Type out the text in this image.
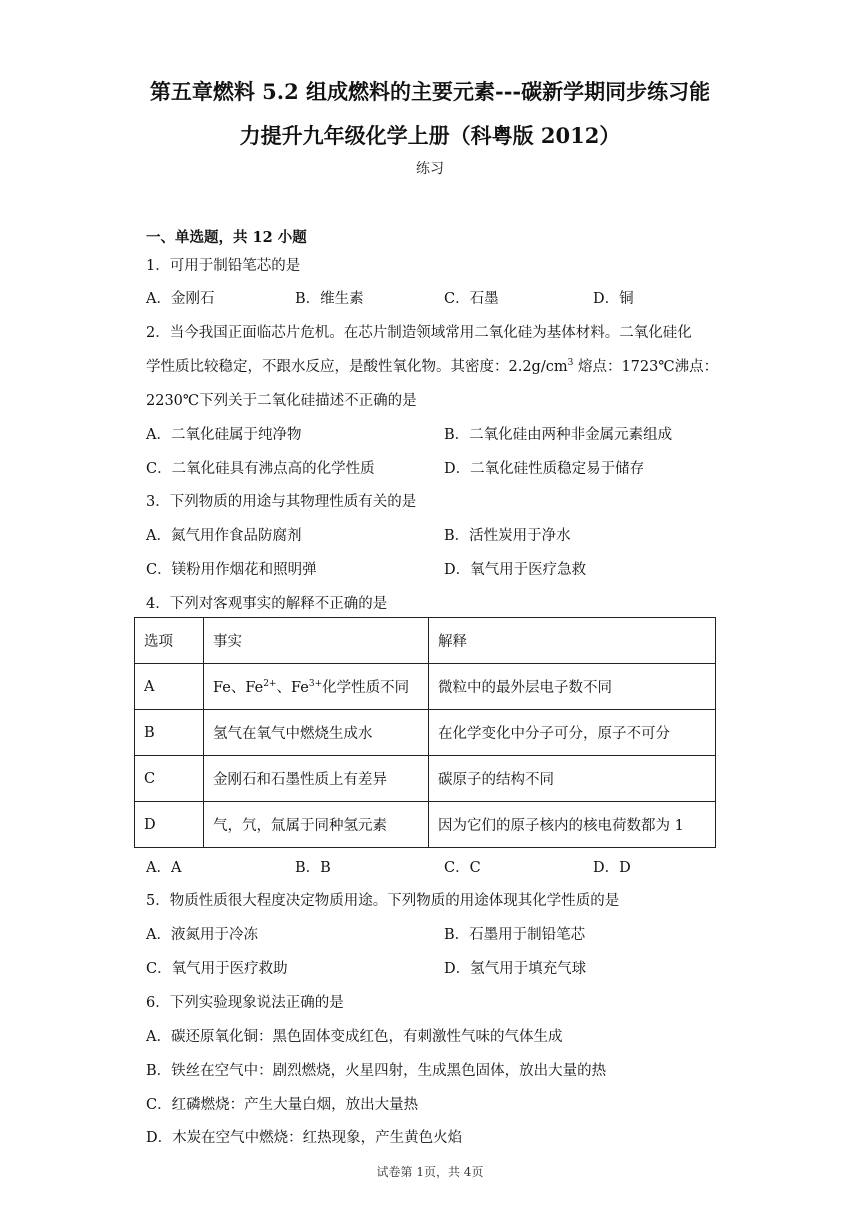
第五章燃料 5.2 组成燃料的主要元素---碳新学期同步练习能
力提升九年级化学上册（科粤版 2012）
练习
一、单选题，共 12 小题
1．可用于制铅笔芯的是
A．金刚石	B．维生素	C．石墨	D．铜
2．当今我国正面临芯片危机。在芯片制造领域常用二氧化硅为基体材料。二氧化硅化
学性质比较稳定，不跟水反应，是酸性氧化物。其密度：$2.2g/cm^3$ 熔点：1723℃沸点：
2230℃下列关于二氧化硅描述不正确的是
A．二氧化硅属于纯净物	B．二氧化硅由两种非金属元素组成
C．二氧化硅具有沸点高的化学性质	D．二氧化硅性质稳定易于储存
3．下列物质的用途与其物理性质有关的是
A．氮气用作食品防腐剂	B．活性炭用于净水
C．镁粉用作烟花和照明弹	D．氧气用于医疗急救
4．下列对客观事实的解释不正确的是
选项	事实	解释
A	Fe、$Fe^{2+}$、$Fe^{3+}$化学性质不同	微粒中的最外层电子数不同
B	氢气在氧气中燃烧生成水	在化学变化中分子可分，原子不可分
C	金刚石和石墨性质上有差异	碳原子的结构不同
D	气，氕，氚属于同种氢元素	因为它们的原子核内的核电荷数都为 1
A．A	B．B	C．C	D．D
5．物质性质很大程度决定物质用途。下列物质的用途体现其化学性质的是
A．液氮用于冷冻	B．石墨用于制铅笔芯
C．氧气用于医疗救助	D．氢气用于填充气球
6．下列实验现象说法正确的是
A．碳还原氧化铜：黑色固体变成红色，有刺激性气味的气体生成
B．铁丝在空气中：剧烈燃烧，火星四射，生成黑色固体，放出大量的热
C．红磷燃烧：产生大量白烟，放出大量热
D．木炭在空气中燃烧：红热现象，产生黄色火焰
试卷第 1页，共 4页
